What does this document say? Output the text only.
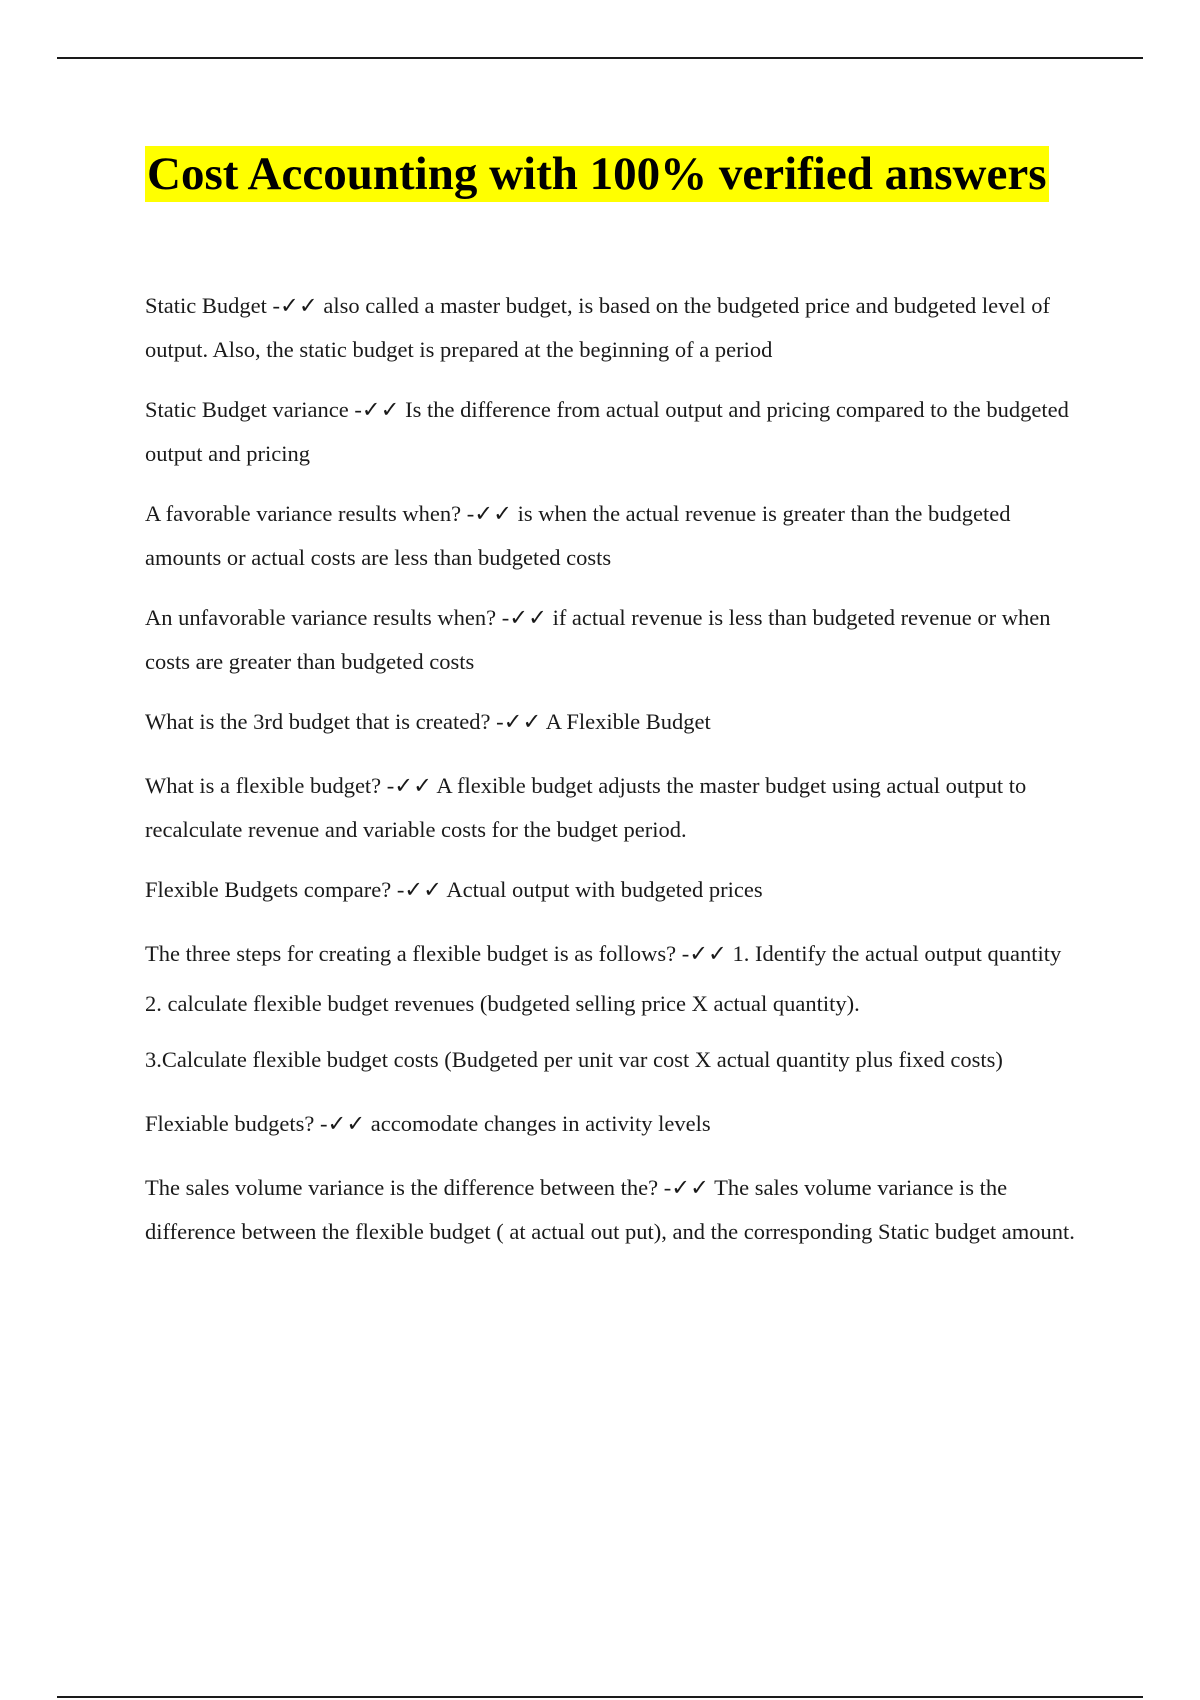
Cost Accounting with 100% verified answers

Static Budget -✓✓ also called a master budget, is based on the budgeted price and budgeted level of output. Also, the static budget is prepared at the beginning of a period

Static Budget variance -✓✓ Is the difference from actual output and pricing compared to the budgeted output and pricing

A favorable variance results when? -✓✓ is when the actual revenue is greater than the budgeted amounts or actual costs are less than budgeted costs

An unfavorable variance results when? -✓✓ if actual revenue is less than budgeted revenue or when costs are greater than budgeted costs

What is the 3rd budget that is created? -✓✓ A Flexible Budget

What is a flexible budget? -✓✓ A flexible budget adjusts the master budget using actual output to recalculate revenue and variable costs for the budget period.

Flexible Budgets compare? -✓✓ Actual output with budgeted prices

The three steps for creating a flexible budget is as follows? -✓✓ 1. Identify the actual output quantity

2. calculate flexible budget revenues (budgeted selling price X actual quantity).

3.Calculate flexible budget costs (Budgeted per unit var cost X actual quantity plus fixed costs)

Flexiable budgets? -✓✓ accomodate changes in activity levels

The sales volume variance is the difference between the? -✓✓ The sales volume variance is the difference between the flexible budget ( at actual out put), and the corresponding Static budget amount.
